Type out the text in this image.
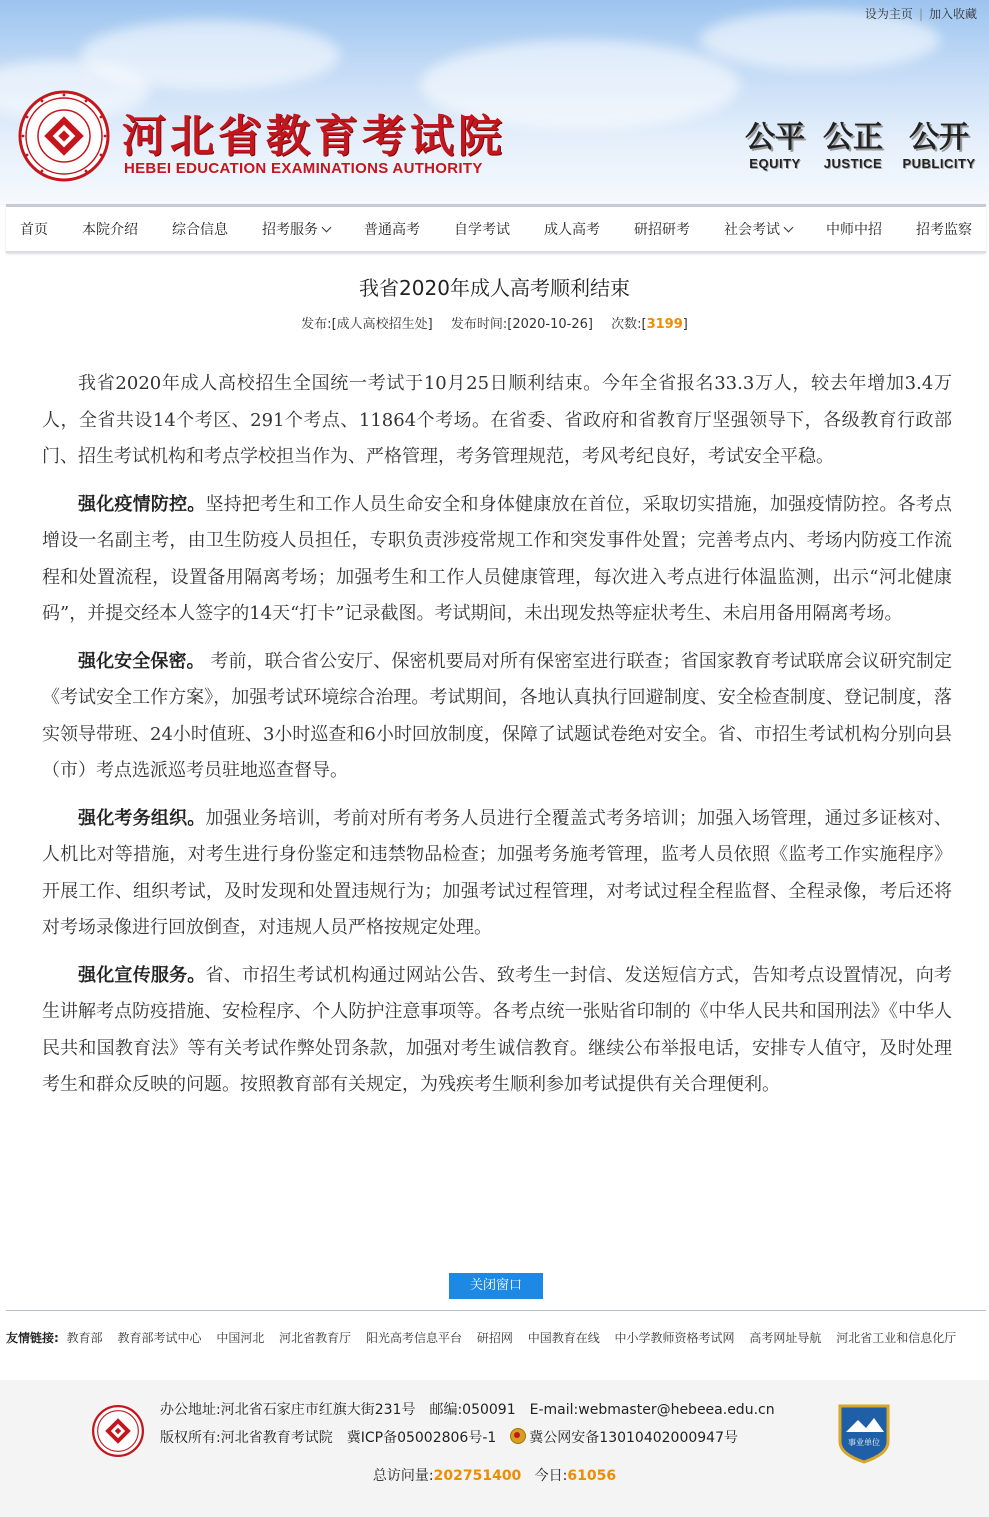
设为主页 | 加入收藏
河北省教育考试院
HEBEI EDUCATION EXAMINATIONS AUTHORITY
公平
EQUITY
公正
JUSTICE
公开
PUBLICITY
首页 本院介绍 综合信息 招考服务	普通高考 自学考试 成人高考 研招研考 社会考试	中师中招 招考监察
我省2020年成人高考顺利结束
发布:[成人高校招生处] 发布时间:[2020-10-26] 次数:[3199]

我省2020年成人高校招生全国统一考试于10月25日顺利结束。今年全省报名33.3万人，较去年增加3.4万人，全省共设14个考区、291个考点、11864个考场。在省委、省政府和省教育厅坚强领导下，各级教育行政部门、招生考试机构和考点学校担当作为、严格管理，考务管理规范，考风考纪良好，考试安全平稳。

强化疫情防控。坚持把考生和工作人员生命安全和身体健康放在首位，采取切实措施，加强疫情防控。各考点增设一名副主考，由卫生防疫人员担任，专职负责涉疫常规工作和突发事件处置；完善考点内、考场内防疫工作流程和处置流程，设置备用隔离考场；加强考生和工作人员健康管理，每次进入考点进行体温监测，出示“河北健康码”，并提交经本人签字的14天“打卡”记录截图。考试期间，未出现发热等症状考生、未启用备用隔离考场。

强化安全保密。 考前，联合省公安厅、保密机要局对所有保密室进行联查；省国家教育考试联席会议研究制定《考试安全工作方案》，加强考试环境综合治理。考试期间，各地认真执行回避制度、安全检查制度、登记制度，落实领导带班、24小时值班、3小时巡查和6小时回放制度，保障了试题试卷绝对安全。省、市招生考试机构分别向县（市）考点选派巡考员驻地巡查督导。

强化考务组织。加强业务培训，考前对所有考务人员进行全覆盖式考务培训；加强入场管理，通过多证核对、人机比对等措施，对考生进行身份鉴定和违禁物品检查；加强考务施考管理，监考人员依照《监考工作实施程序》开展工作、组织考试，及时发现和处置违规行为；加强考试过程管理，对考试过程全程监督、全程录像，考后还将对考场录像进行回放倒查，对违规人员严格按规定处理。

强化宣传服务。省、市招生考试机构通过网站公告、致考生一封信、发送短信方式，告知考点设置情况，向考生讲解考点防疫措施、安检程序、个人防护注意事项等。各考点统一张贴省印制的《中华人民共和国刑法》《中华人民共和国教育法》等有关考试作弊处罚条款，加强对考生诚信教育。继续公布举报电话，安排专人值守，及时处理考生和群众反映的问题。按照教育部有关规定，为残疾考生顺利参加考试提供有关合理便利。

关闭窗口
友情链接: 教育部 教育部考试中心 中国河北 河北省教育厅 阳光高考信息平台 研招网 中国教育在线 中小学教师资格考试网 高考网址导航 河北省工业和信息化厅
办公地址:河北省石家庄市红旗大街231号 邮编:050091 E-mail:webmaster@hebeea.edu.cn
版权所有:河北省教育考试院 冀ICP备05002806号-1 冀公网安备13010402000947号
总访问量:202751400 今日:61056
事业单位
